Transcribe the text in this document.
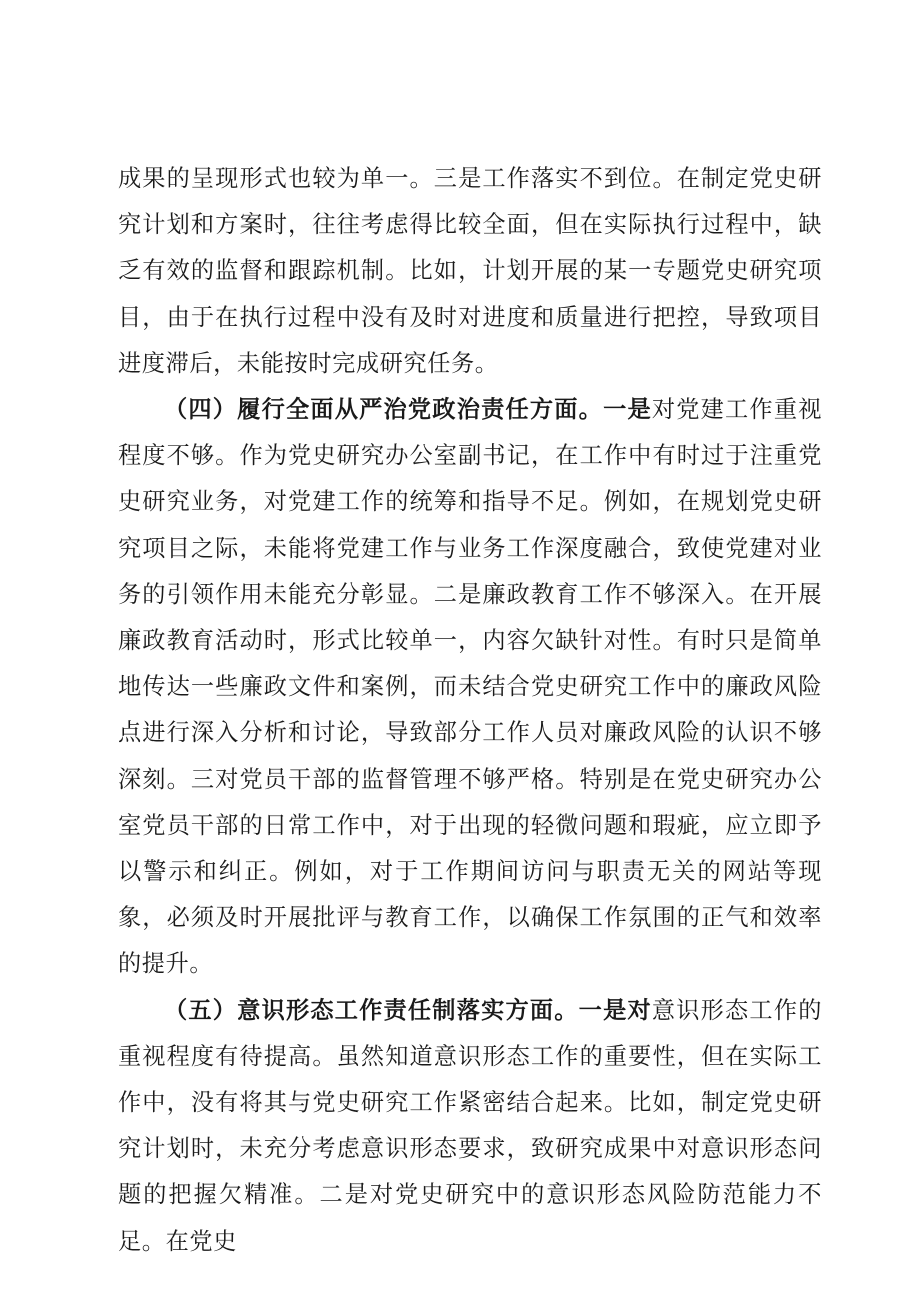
成果的呈现形式也较为单一。三是工作落实不到位。在制定党史研究计划和方案时，往往考虑得比较全面，但在实际执行过程中，缺乏有效的监督和跟踪机制。比如，计划开展的某一专题党史研究项目，由于在执行过程中没有及时对进度和质量进行把控，导致项目进度滞后，未能按时完成研究任务。

（四）履行全面从严治党政治责任方面。一是对党建工作重视程度不够。作为党史研究办公室副书记，在工作中有时过于注重党史研究业务，对党建工作的统筹和指导不足。例如，在规划党史研究项目之际，未能将党建工作与业务工作深度融合，致使党建对业务的引领作用未能充分彰显。二是廉政教育工作不够深入。在开展廉政教育活动时，形式比较单一，内容欠缺针对性。有时只是简单地传达一些廉政文件和案例，而未结合党史研究工作中的廉政风险点进行深入分析和讨论，导致部分工作人员对廉政风险的认识不够深刻。三对党员干部的监督管理不够严格。特别是在党史研究办公室党员干部的日常工作中，对于出现的轻微问题和瑕疵，应立即予以警示和纠正。例如，对于工作期间访问与职责无关的网站等现象，必须及时开展批评与教育工作，以确保工作氛围的正气和效率的提升。

（五）意识形态工作责任制落实方面。一是对意识形态工作的重视程度有待提高。虽然知道意识形态工作的重要性，但在实际工作中，没有将其与党史研究工作紧密结合起来。比如，制定党史研究计划时，未充分考虑意识形态要求，致研究成果中对意识形态问题的把握欠精准。二是对党史研究中的意识形态风险防范能力不足。在党史
